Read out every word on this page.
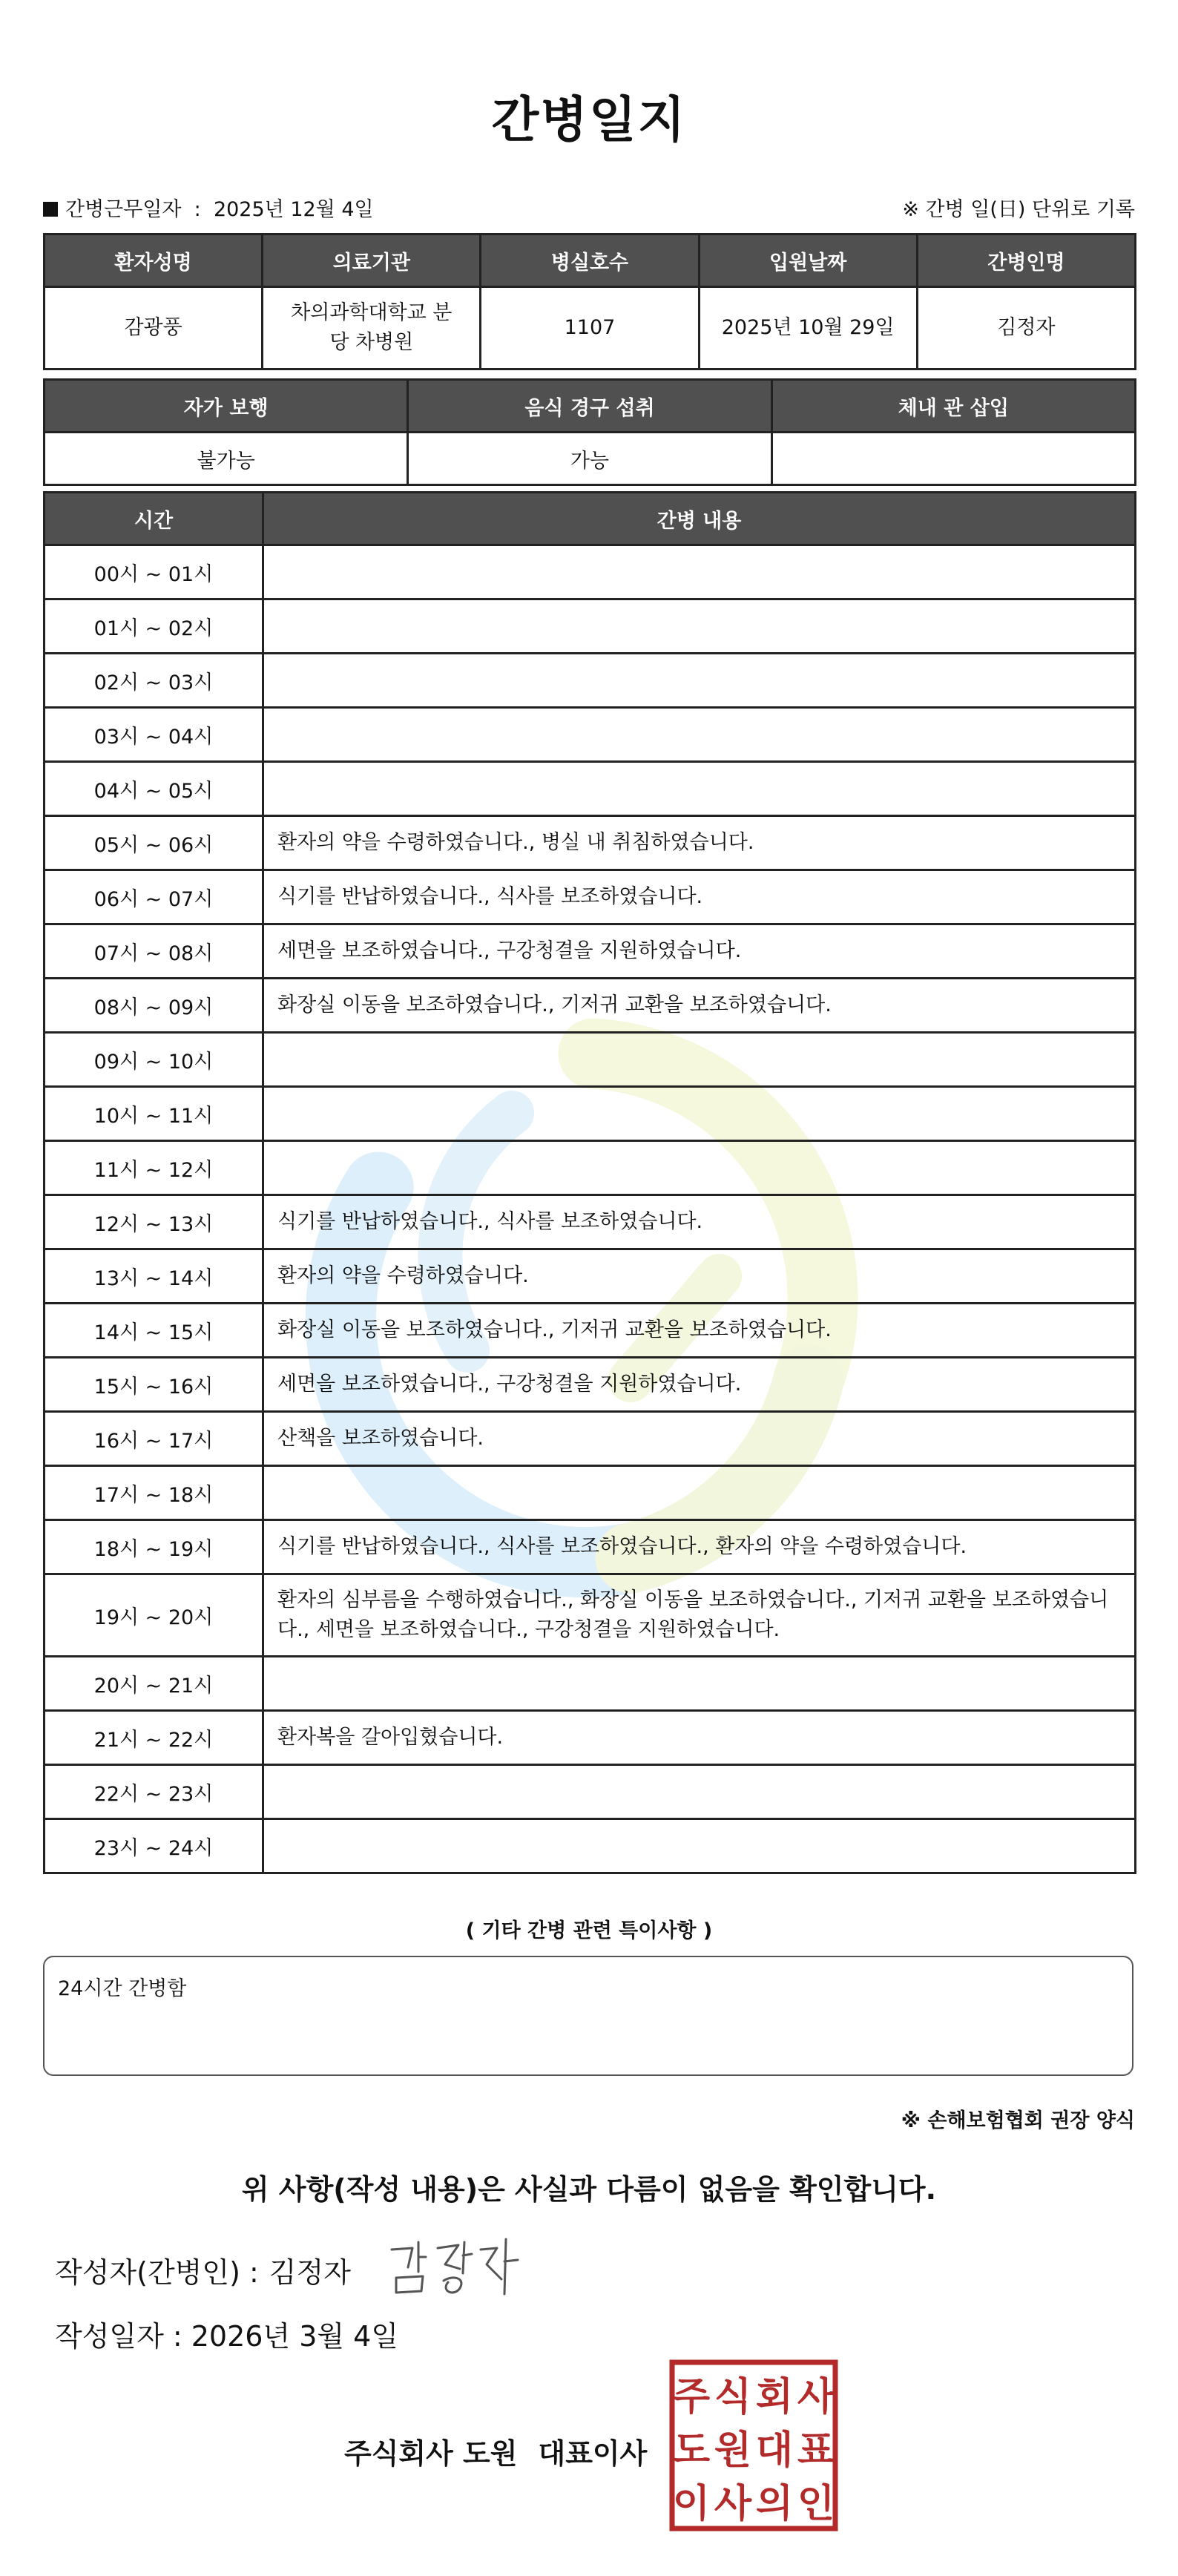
간병일지
간병근무일자 : 2025년 12월 4일	※ 간병 일(日) 단위로 기록
환자성명	의료기관	병실호수	입원날짜	간병인명
감광풍	차의과학대학교 분당 차병원	1107	2025년 10월 29일	김정자
자가 보행	음식 경구 섭취	체내 관 삽입
불가능	가능	
시간	간병 내용
00시 ~ 01시	
01시 ~ 02시	
02시 ~ 03시	
03시 ~ 04시	
04시 ~ 05시	
05시 ~ 06시	환자의 약을 수령하였습니다., 병실 내 취침하였습니다.
06시 ~ 07시	식기를 반납하였습니다., 식사를 보조하였습니다.
07시 ~ 08시	세면을 보조하였습니다., 구강청결을 지원하였습니다.
08시 ~ 09시	화장실 이동을 보조하였습니다., 기저귀 교환을 보조하였습니다.
09시 ~ 10시	
10시 ~ 11시	
11시 ~ 12시	
12시 ~ 13시	식기를 반납하였습니다., 식사를 보조하였습니다.
13시 ~ 14시	환자의 약을 수령하였습니다.
14시 ~ 15시	화장실 이동을 보조하였습니다., 기저귀 교환을 보조하였습니다.
15시 ~ 16시	세면을 보조하였습니다., 구강청결을 지원하였습니다.
16시 ~ 17시	산책을 보조하였습니다.
17시 ~ 18시	
18시 ~ 19시	식기를 반납하였습니다., 식사를 보조하였습니다., 환자의 약을 수령하였습니다.
19시 ~ 20시	환자의 심부름을 수행하였습니다., 화장실 이동을 보조하였습니다., 기저귀 교환을 보조하였습니다., 세면을 보조하였습니다., 구강청결을 지원하였습니다.
20시 ~ 21시	
21시 ~ 22시	환자복을 갈아입혔습니다.
22시 ~ 23시	
23시 ~ 24시	
( 기타 간병 관련 특이사항 )
24시간 간병함
※ 손해보험협회 권장 양식
위 사항(작성 내용)은 사실과 다름이 없음을 확인합니다.
작성자(간병인) : 김정자
작성일자 : 2026년 3월 4일
주식회사 도원 대표이사
주 식 회 사
도 원 대 표
이 사 의 인
